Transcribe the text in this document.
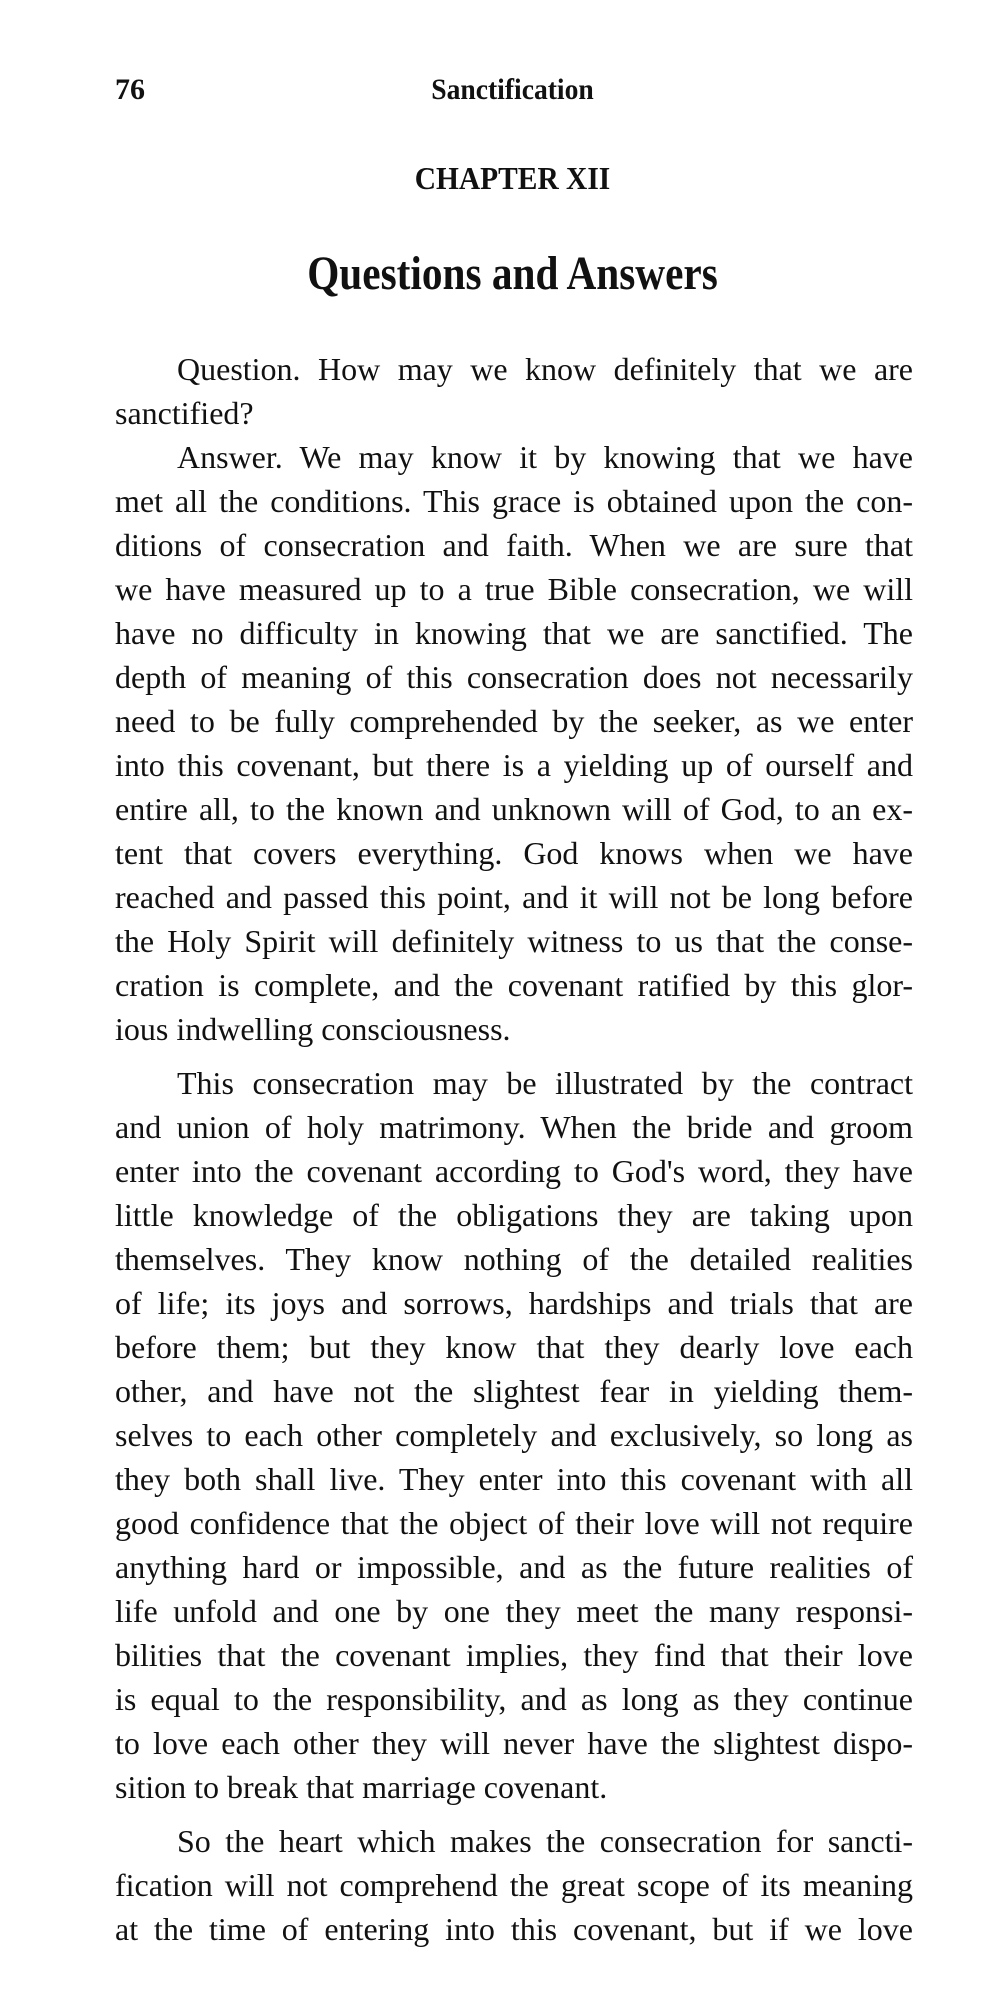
76	Sanctification
CHAPTER XII
Questions and Answers
Question. How may we know definitely that we are
sanctified?
Answer. We may know it by knowing that we have
met all the conditions. This grace is obtained upon the con-
ditions of consecration and faith. When we are sure that
we have measured up to a true Bible consecration, we will
have no difficulty in knowing that we are sanctified. The
depth of meaning of this consecration does not necessarily
need to be fully comprehended by the seeker, as we enter
into this covenant, but there is a yielding up of ourself and
entire all, to the known and unknown will of God, to an ex-
tent that covers everything. God knows when we have
reached and passed this point, and it will not be long before
the Holy Spirit will definitely witness to us that the conse-
cration is complete, and the covenant ratified by this glor-
ious indwelling consciousness.
This consecration may be illustrated by the contract
and union of holy matrimony. When the bride and groom
enter into the covenant according to God's word, they have
little knowledge of the obligations they are taking upon
themselves. They know nothing of the detailed realities
of life; its joys and sorrows, hardships and trials that are
before them; but they know that they dearly love each
other, and have not the slightest fear in yielding them-
selves to each other completely and exclusively, so long as
they both shall live. They enter into this covenant with all
good confidence that the object of their love will not require
anything hard or impossible, and as the future realities of
life unfold and one by one they meet the many responsi-
bilities that the covenant implies, they find that their love
is equal to the responsibility, and as long as they continue
to love each other they will never have the slightest dispo-
sition to break that marriage covenant.
So the heart which makes the consecration for sancti-
fication will not comprehend the great scope of its meaning
at the time of entering into this covenant, but if we love
